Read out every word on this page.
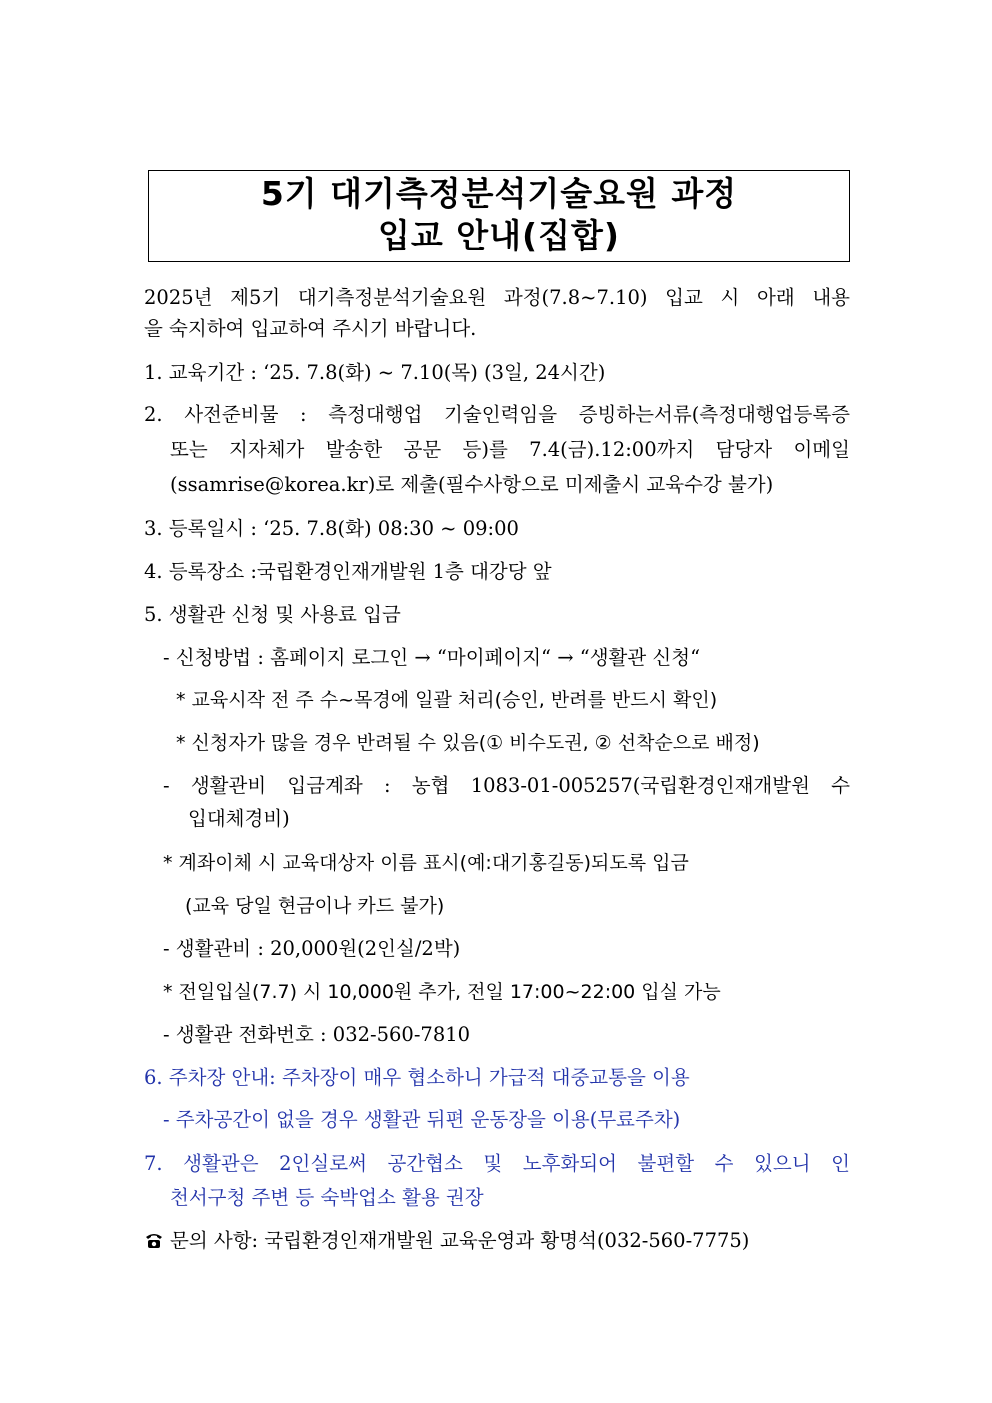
5기 대기측정분석기술요원 과정
입교 안내(집합)
2025년 제5기 대기측정분석기술요원 과정(7.8~7.10) 입교 시 아래 내용
을 숙지하여 입교하여 주시기 바랍니다.
1. 교육기간 : ‘25. 7.8(화) ~ 7.10(목) (3일, 24시간)
2. 사전준비물 : 측정대행업 기술인력임을 증빙하는서류(측정대행업등록증
또는 지자체가 발송한 공문 등)를 7.4(금).12:00까지 담당자 이메일
(ssamrise@korea.kr)로 제출(필수사항으로 미제출시 교육수강 불가)
3. 등록일시 : ‘25. 7.8(화) 08:30 ~ 09:00
4. 등록장소 :국립환경인재개발원 1층 대강당 앞
5. 생활관 신청 및 사용료 입금
- 신청방법 : 홈페이지 로그인 → “마이페이지“ → “생활관 신청“
* 교육시작 전 주 수~목경에 일괄 처리(승인, 반려를 반드시 확인)
* 신청자가 많을 경우 반려될 수 있음(① 비수도권, ② 선착순으로 배정)
- 생활관비 입금계좌 : 농협 1083-01-005257(국립환경인재개발원 수
입대체경비)
* 계좌이체 시 교육대상자 이름 표시(예:대기홍길동)되도록 입금
(교육 당일 현금이나 카드 불가)
- 생활관비 : 20,000원(2인실/2박)
* 전일입실(7.7) 시 10,000원 추가, 전일 17:00~22:00 입실 가능
- 생활관 전화번호 : 032-560-7810
6. 주차장 안내: 주차장이 매우 협소하니 가급적 대중교통을 이용
- 주차공간이 없을 경우 생활관 뒤편 운동장을 이용(무료주차)
7. 생활관은 2인실로써 공간협소 및 노후화되어 불편할 수 있으니 인
천서구청 주변 등 숙박업소 활용 권장
문의 사항: 국립환경인재개발원 교육운영과 황명석(032-560-7775)
